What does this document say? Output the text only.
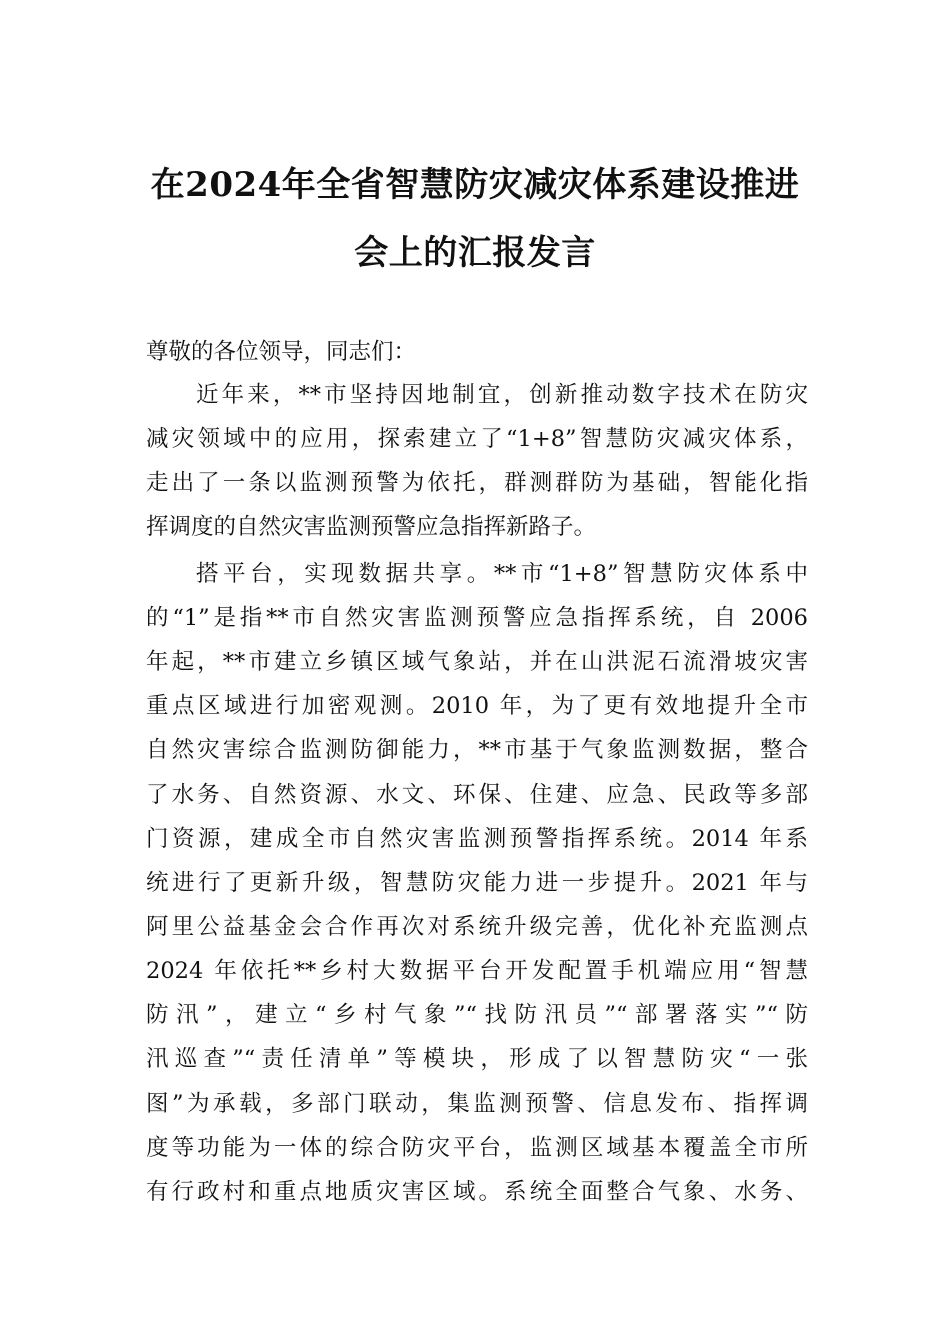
在2024年全省智慧防灾减灾体系建设推进
会上的汇报发言
尊敬的各位领导，同志们：
近年来，**市坚持因地制宜，创新推动数字技术在防灾
减灾领域中的应用，探索建立了“1+8”智慧防灾减灾体系，
走出了一条以监测预警为依托，群测群防为基础，智能化指
挥调度的自然灾害监测预警应急指挥新路子。
搭平台，实现数据共享。**市“1+8”智慧防灾体系中
的“1”是指**市自然灾害监测预警应急指挥系统，自 2006
年起，**市建立乡镇区域气象站，并在山洪泥石流滑坡灾害
重点区域进行加密观测。2010 年，为了更有效地提升全市
自然灾害综合监测防御能力，**市基于气象监测数据，整合
了水务、自然资源、水文、环保、住建、应急、民政等多部
门资源，建成全市自然灾害监测预警指挥系统。2014 年系
统进行了更新升级，智慧防灾能力进一步提升。2021 年与
阿里公益基金会合作再次对系统升级完善，优化补充监测点
2024 年依托**乡村大数据平台开发配置手机端应用“智慧
防汛”，建立“乡村气象”“找防汛员”“部署落实”“防
汛巡查”“责任清单”等模块，形成了以智慧防灾“一张
图”为承载，多部门联动，集监测预警、信息发布、指挥调
度等功能为一体的综合防灾平台，监测区域基本覆盖全市所
有行政村和重点地质灾害区域。系统全面整合气象、水务、
